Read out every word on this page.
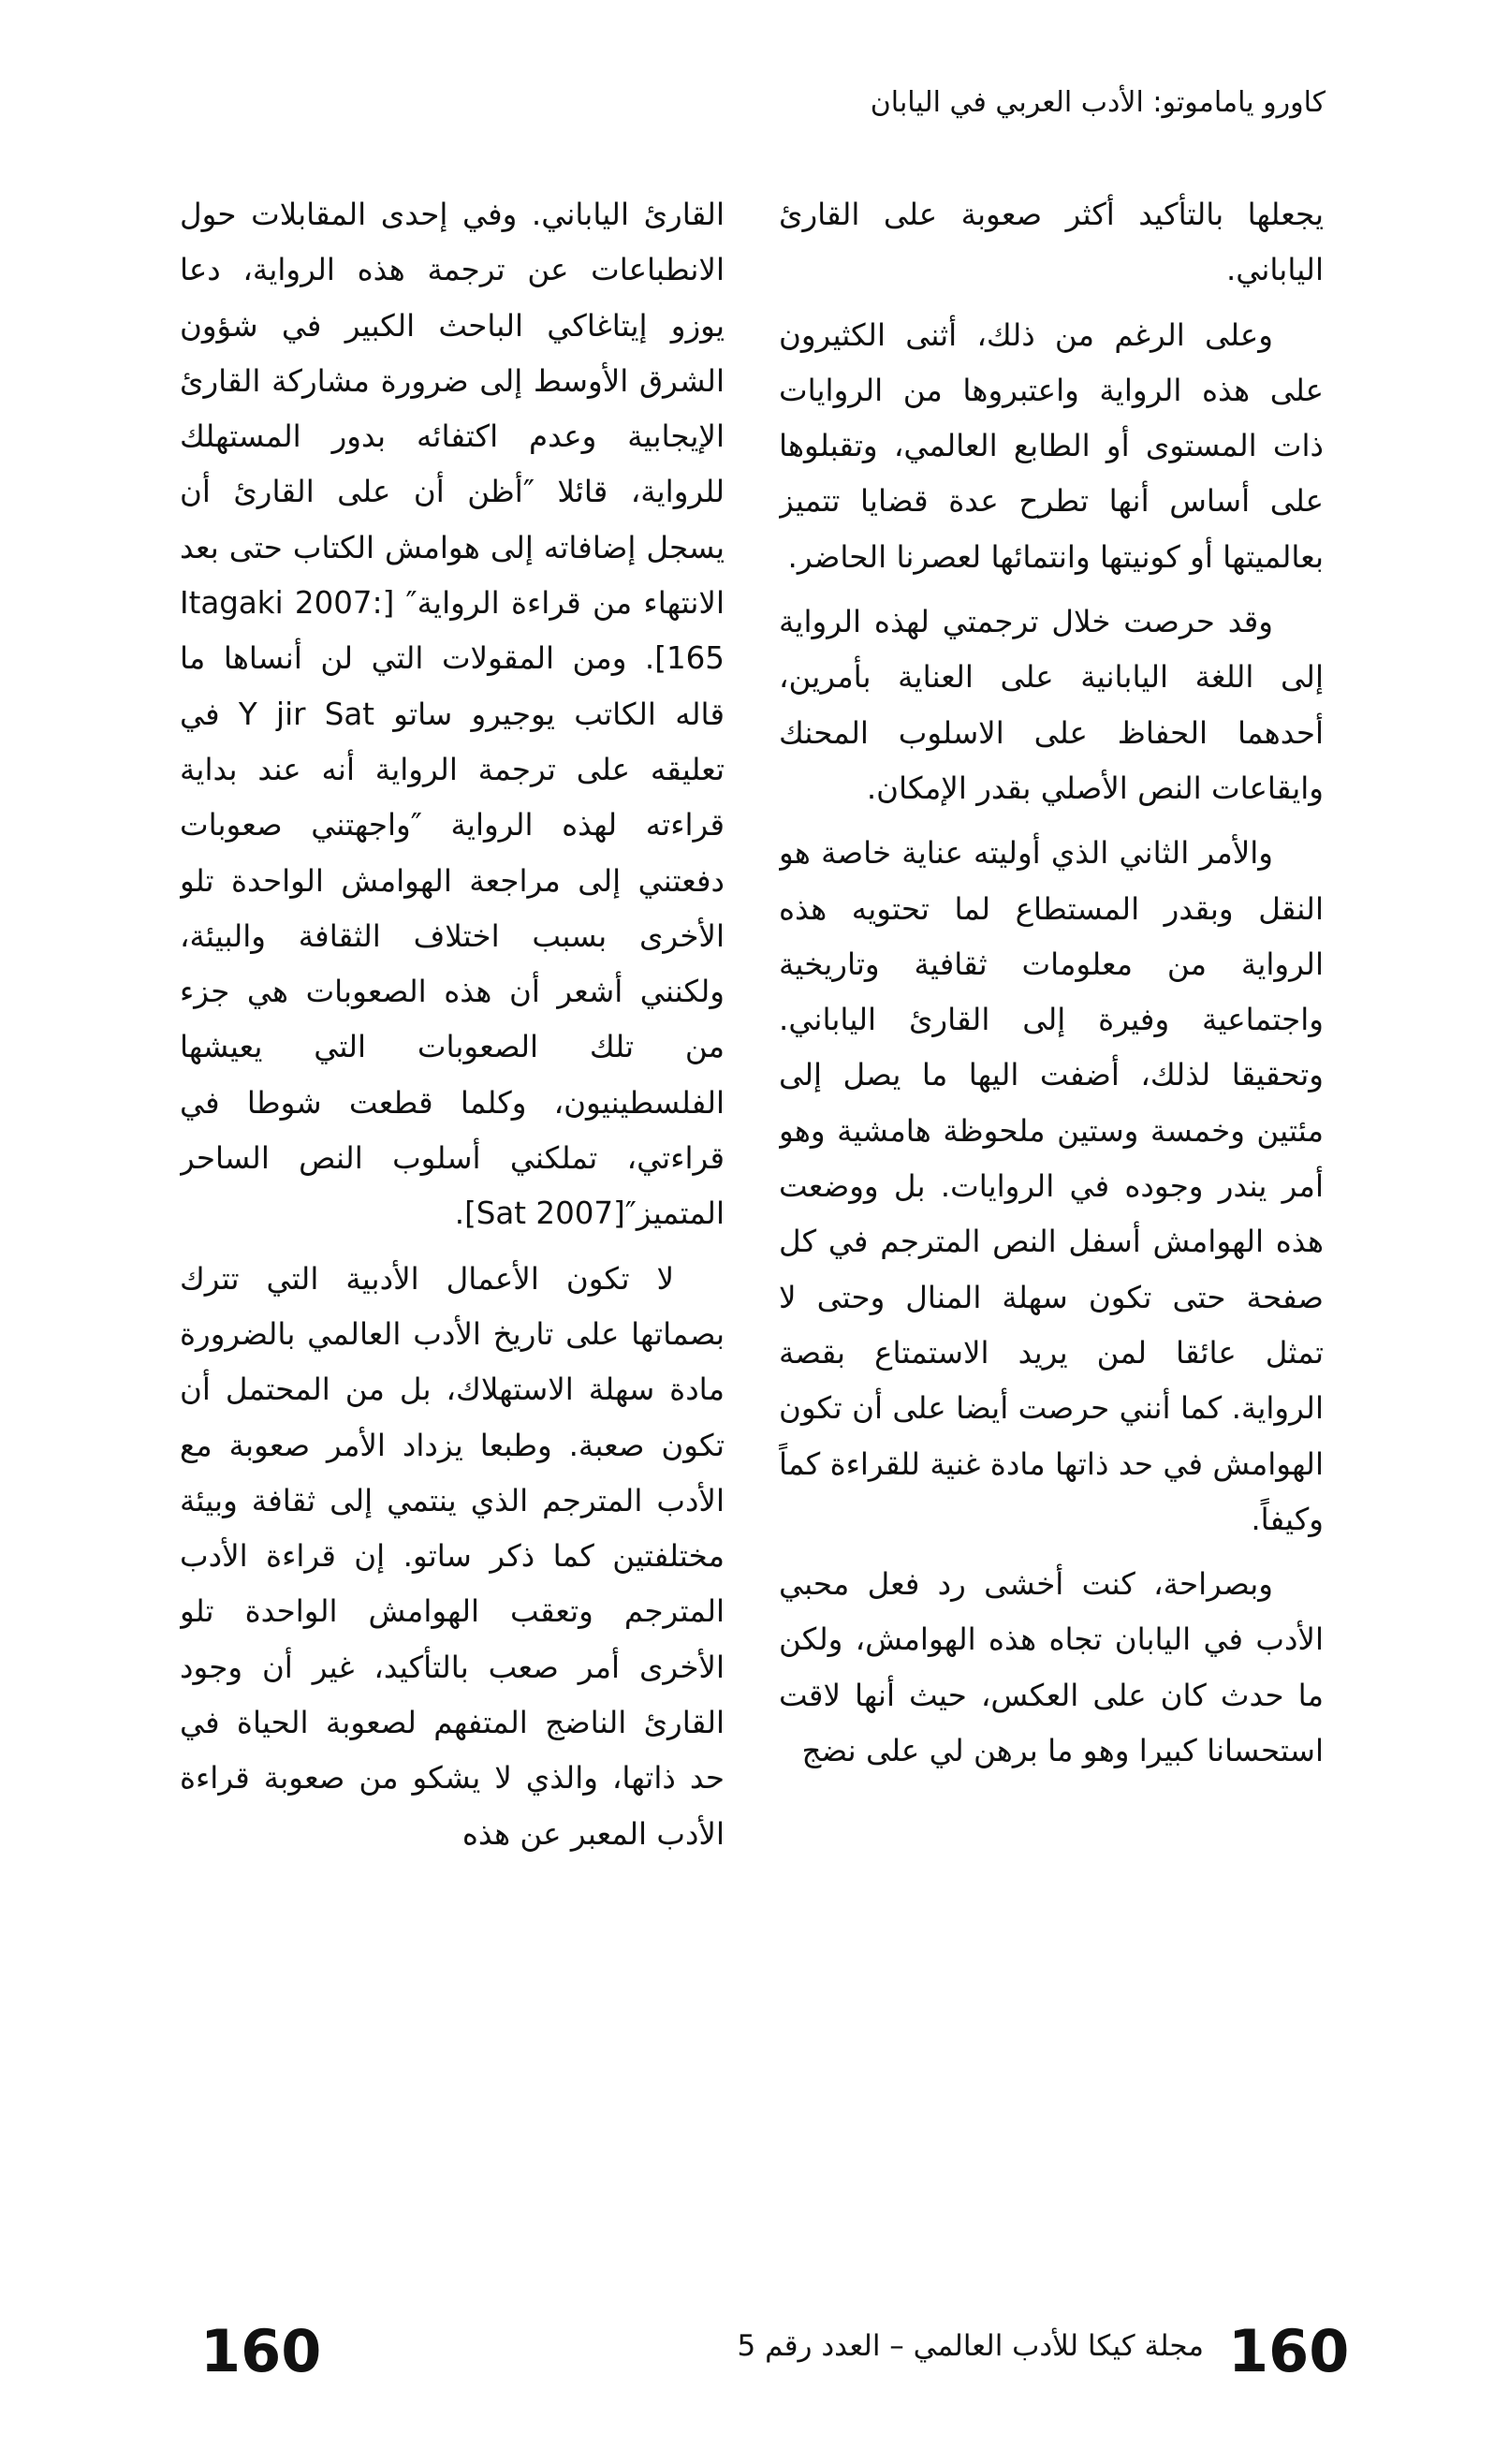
كاورو ياماموتو: الأدب العربي في اليابان

يجعلها بالتأكيد أكثر صعوبة على القارئ الياباني.

وعلى الرغم من ذلك، أثنى الكثيرون على هذه الرواية واعتبروها من الروايات ذات المستوى أو الطابع العالمي، وتقبلوها على أساس أنها تطرح عدة قضايا تتميز بعالميتها أو كونيتها وانتمائها لعصرنا الحاضر.

وقد حرصت خلال ترجمتي لهذه الرواية إلى اللغة اليابانية على العناية بأمرين، أحدهما الحفاظ على الاسلوب المحنك وايقاعات النص الأصلي بقدر الإمكان.

والأمر الثاني الذي أوليته عناية خاصة هو النقل وبقدر المستطاع لما تحتويه هذه الرواية من معلومات ثقافية وتاريخية واجتماعية وفيرة إلى القارئ الياباني. وتحقيقا لذلك، أضفت اليها ما يصل إلى مئتين وخمسة وستين ملحوظة هامشية وهو أمر يندر وجوده في الروايات. بل ووضعت هذه الهوامش أسفل النص المترجم في كل صفحة حتى تكون سهلة المنال وحتى لا تمثل عائقا لمن يريد الاستمتاع بقصة الرواية. كما أنني حرصت أيضا على أن تكون الهوامش في حد ذاتها مادة غنية للقراءة كماً وكيفاً.

وبصراحة، كنت أخشى رد فعل محبي الأدب في اليابان تجاه هذه الهوامش، ولكن ما حدث كان على العكس، حيث أنها لاقت استحسانا كبيرا وهو ما برهن لي على نضج

القارئ الياباني. وفي إحدى المقابلات حول الانطباعات عن ترجمة هذه الرواية، دعا يوزو إيتاغاكي الباحث الكبير في شؤون الشرق الأوسط إلى ضرورة مشاركة القارئ الإيجابية وعدم اكتفائه بدور المستهلك للرواية، قائلا ″أظن أن على القارئ أن يسجل إضافاته إلى هوامش الكتاب حتى بعد الانتهاء من قراءة الرواية″ [Itagaki 2007: 165]. ومن المقولات التي لن أنساها ما قاله الكاتب يوجيرو ساتو Y jir Sat في تعليقه على ترجمة الرواية أنه عند بداية قراءته لهذه الرواية ″واجهتني صعوبات دفعتني إلى مراجعة الهوامش الواحدة تلو الأخرى بسبب اختلاف الثقافة والبيئة، ولكنني أشعر أن هذه الصعوبات هي جزء من تلك الصعوبات التي يعيشها الفلسطينيون، وكلما قطعت شوطا في قراءتي، تملكني أسلوب النص الساحر المتميز″[Sat 2007].

لا تكون الأعمال الأدبية التي تترك بصماتها على تاريخ الأدب العالمي بالضرورة مادة سهلة الاستهلاك، بل من المحتمل أن تكون صعبة. وطبعا يزداد الأمر صعوبة مع الأدب المترجم الذي ينتمي إلى ثقافة وبيئة مختلفتين كما ذكر ساتو. إن قراءة الأدب المترجم وتعقب الهوامش الواحدة تلو الأخرى أمر صعب بالتأكيد، غير أن وجود القارئ الناضج المتفهم لصعوبة الحياة في حد ذاتها، والذي لا يشكو من صعوبة قراءة الأدب المعبر عن هذه

160	مجلة كيكا للأدب العالمي – العدد رقم 5 160
